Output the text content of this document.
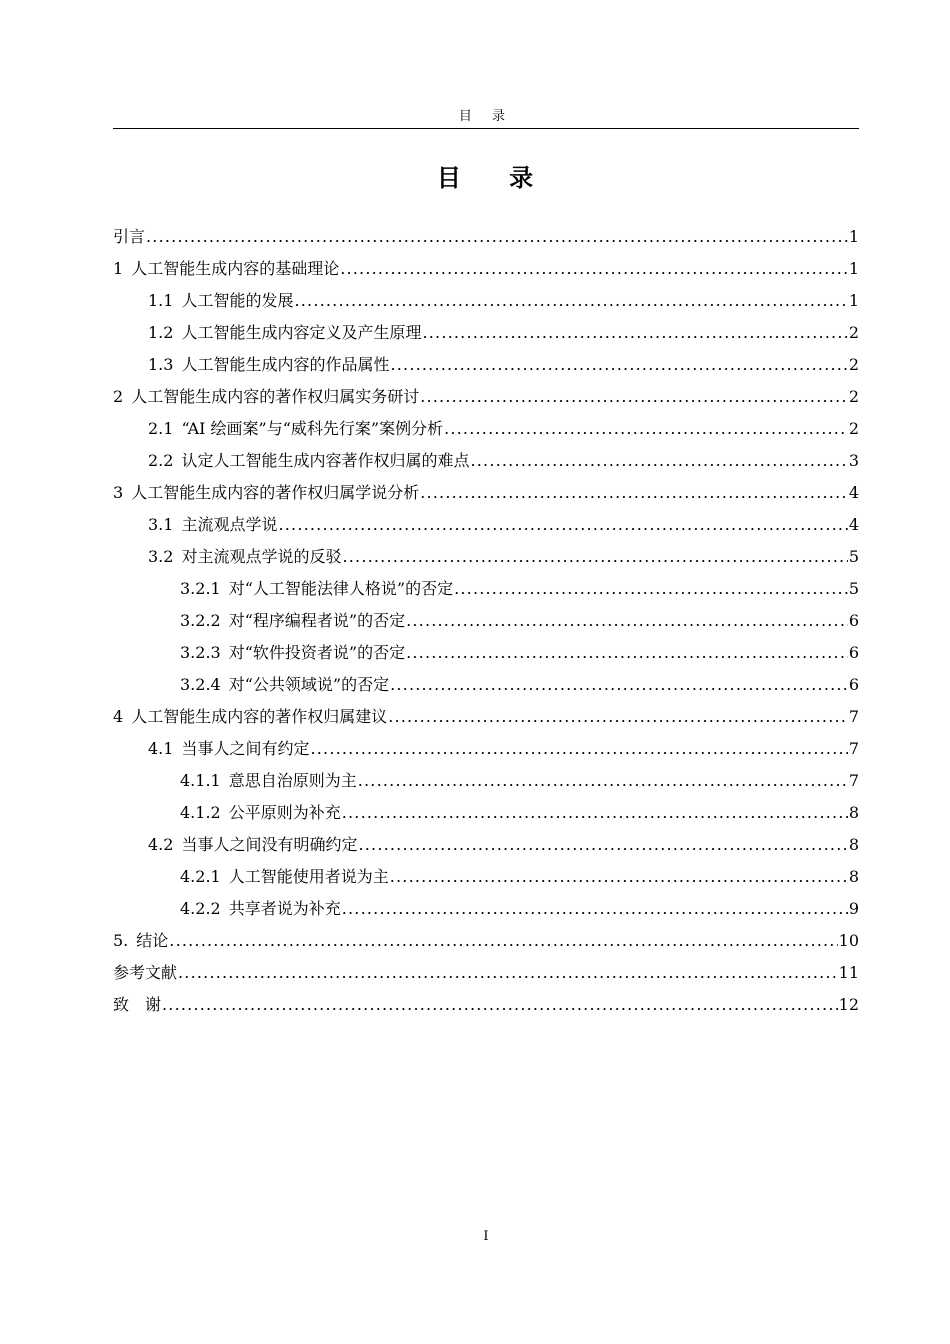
目 录
目 录
引言 .....	1
1 人工智能生成内容的基础理论 .....	1
1.1 人工智能的发展 .....	1
1.2 人工智能生成内容定义及产生原理 .....	2
1.3 人工智能生成内容的作品属性 .....	2
2 人工智能生成内容的著作权归属实务研讨 .....	2
2.1 “AI 绘画案”与“威科先行案”案例分析 .....	2
2.2 认定人工智能生成内容著作权归属的难点 .....	3
3 人工智能生成内容的著作权归属学说分析 .....	4
3.1 主流观点学说 .....	4
3.2 对主流观点学说的反驳 .....	5
3.2.1 对“人工智能法律人格说”的否定 .....	5
3.2.2 对“程序编程者说”的否定 .....	6
3.2.3 对“软件投资者说”的否定 .....	6
3.2.4 对“公共领域说”的否定 .....	6
4 人工智能生成内容的著作权归属建议 .....	7
4.1 当事人之间有约定 .....	7
4.1.1 意思自治原则为主 .....	7
4.1.2 公平原则为补充 .....	8
4.2 当事人之间没有明确约定 .....	8
4.2.1 人工智能使用者说为主 .....	8
4.2.2 共享者说为补充 .....	9
5. 结论 .....	10
参考文献 .....	11
致　谢 .....	12
I
